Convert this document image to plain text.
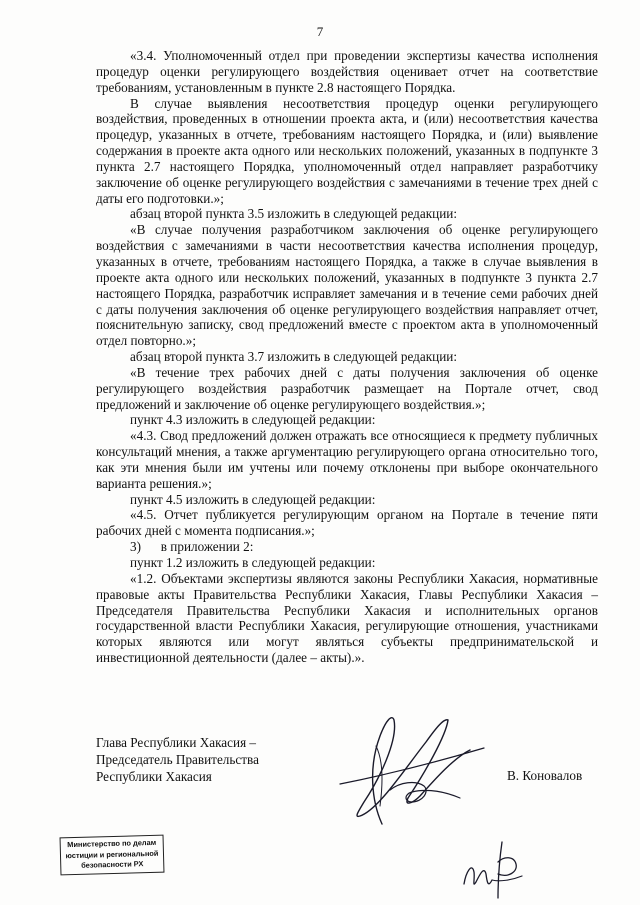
7

«3.4. Уполномоченный отдел при проведении экспертизы качества исполнения процедур оценки регулирующего воздействия оценивает отчет на соответствие требованиям, установленным в пункте 2.8 настоящего Порядка.

В случае выявления несоответствия процедур оценки регулирующего воздействия, проведенных в отношении проекта акта, и (или) несоответствия качества процедур, указанных в отчете, требованиям настоящего Порядка, и (или) выявление содержания в проекте акта одного или нескольких положений, указанных в подпункте 3 пункта 2.7 настоящего Порядка, уполномоченный отдел направляет разработчику заключение об оценке регулирующего воздействия с замечаниями в течение трех дней с даты его подготовки.»;

абзац второй пункта 3.5 изложить в следующей редакции:

«В случае получения разработчиком заключения об оценке регулирующего воздействия с замечаниями в части несоответствия качества исполнения процедур, указанных в отчете, требованиям настоящего Порядка, а также в случае выявления в проекте акта одного или нескольких положений, указанных в подпункте 3 пункта 2.7 настоящего Порядка, разработчик исправляет замечания и в течение семи рабочих дней с даты получения заключения об оценке регулирующего воздействия направляет отчет, пояснительную записку, свод предложений вместе с проектом акта в уполномоченный отдел повторно.»;

абзац второй пункта 3.7 изложить в следующей редакции:

«В течение трех рабочих дней с даты получения заключения об оценке регулирующего воздействия разработчик размещает на Портале отчет, свод предложений и заключение об оценке регулирующего воздействия.»;

пункт 4.3 изложить в следующей редакции:

«4.3. Свод предложений должен отражать все относящиеся к предмету публичных консультаций мнения, а также аргументацию регулирующего органа относительно того, как эти мнения были им учтены или почему отклонены при выборе окончательного варианта решения.»;

пункт 4.5 изложить в следующей редакции:

«4.5. Отчет публикуется регулирующим органом на Портале в течение пяти рабочих дней с момента подписания.»;

3)      в приложении 2:

пункт 1.2 изложить в следующей редакции:

«1.2. Объектами экспертизы являются законы Республики Хакасия, нормативные правовые акты Правительства Республики Хакасия, Главы Республики Хакасия – Председателя Правительства Республики Хакасия и исполнительных органов государственной власти Республики Хакасия, регулирующие отношения, участниками которых являются или могут являться субъекты предпринимательской и инвестиционной деятельности (далее – акты).».

Глава Республики Хакасия –
Председатель Правительства
Республики Хакасия	В. Коновалов
Министерство по делам
юстиции и региональной
безопасности РХ
